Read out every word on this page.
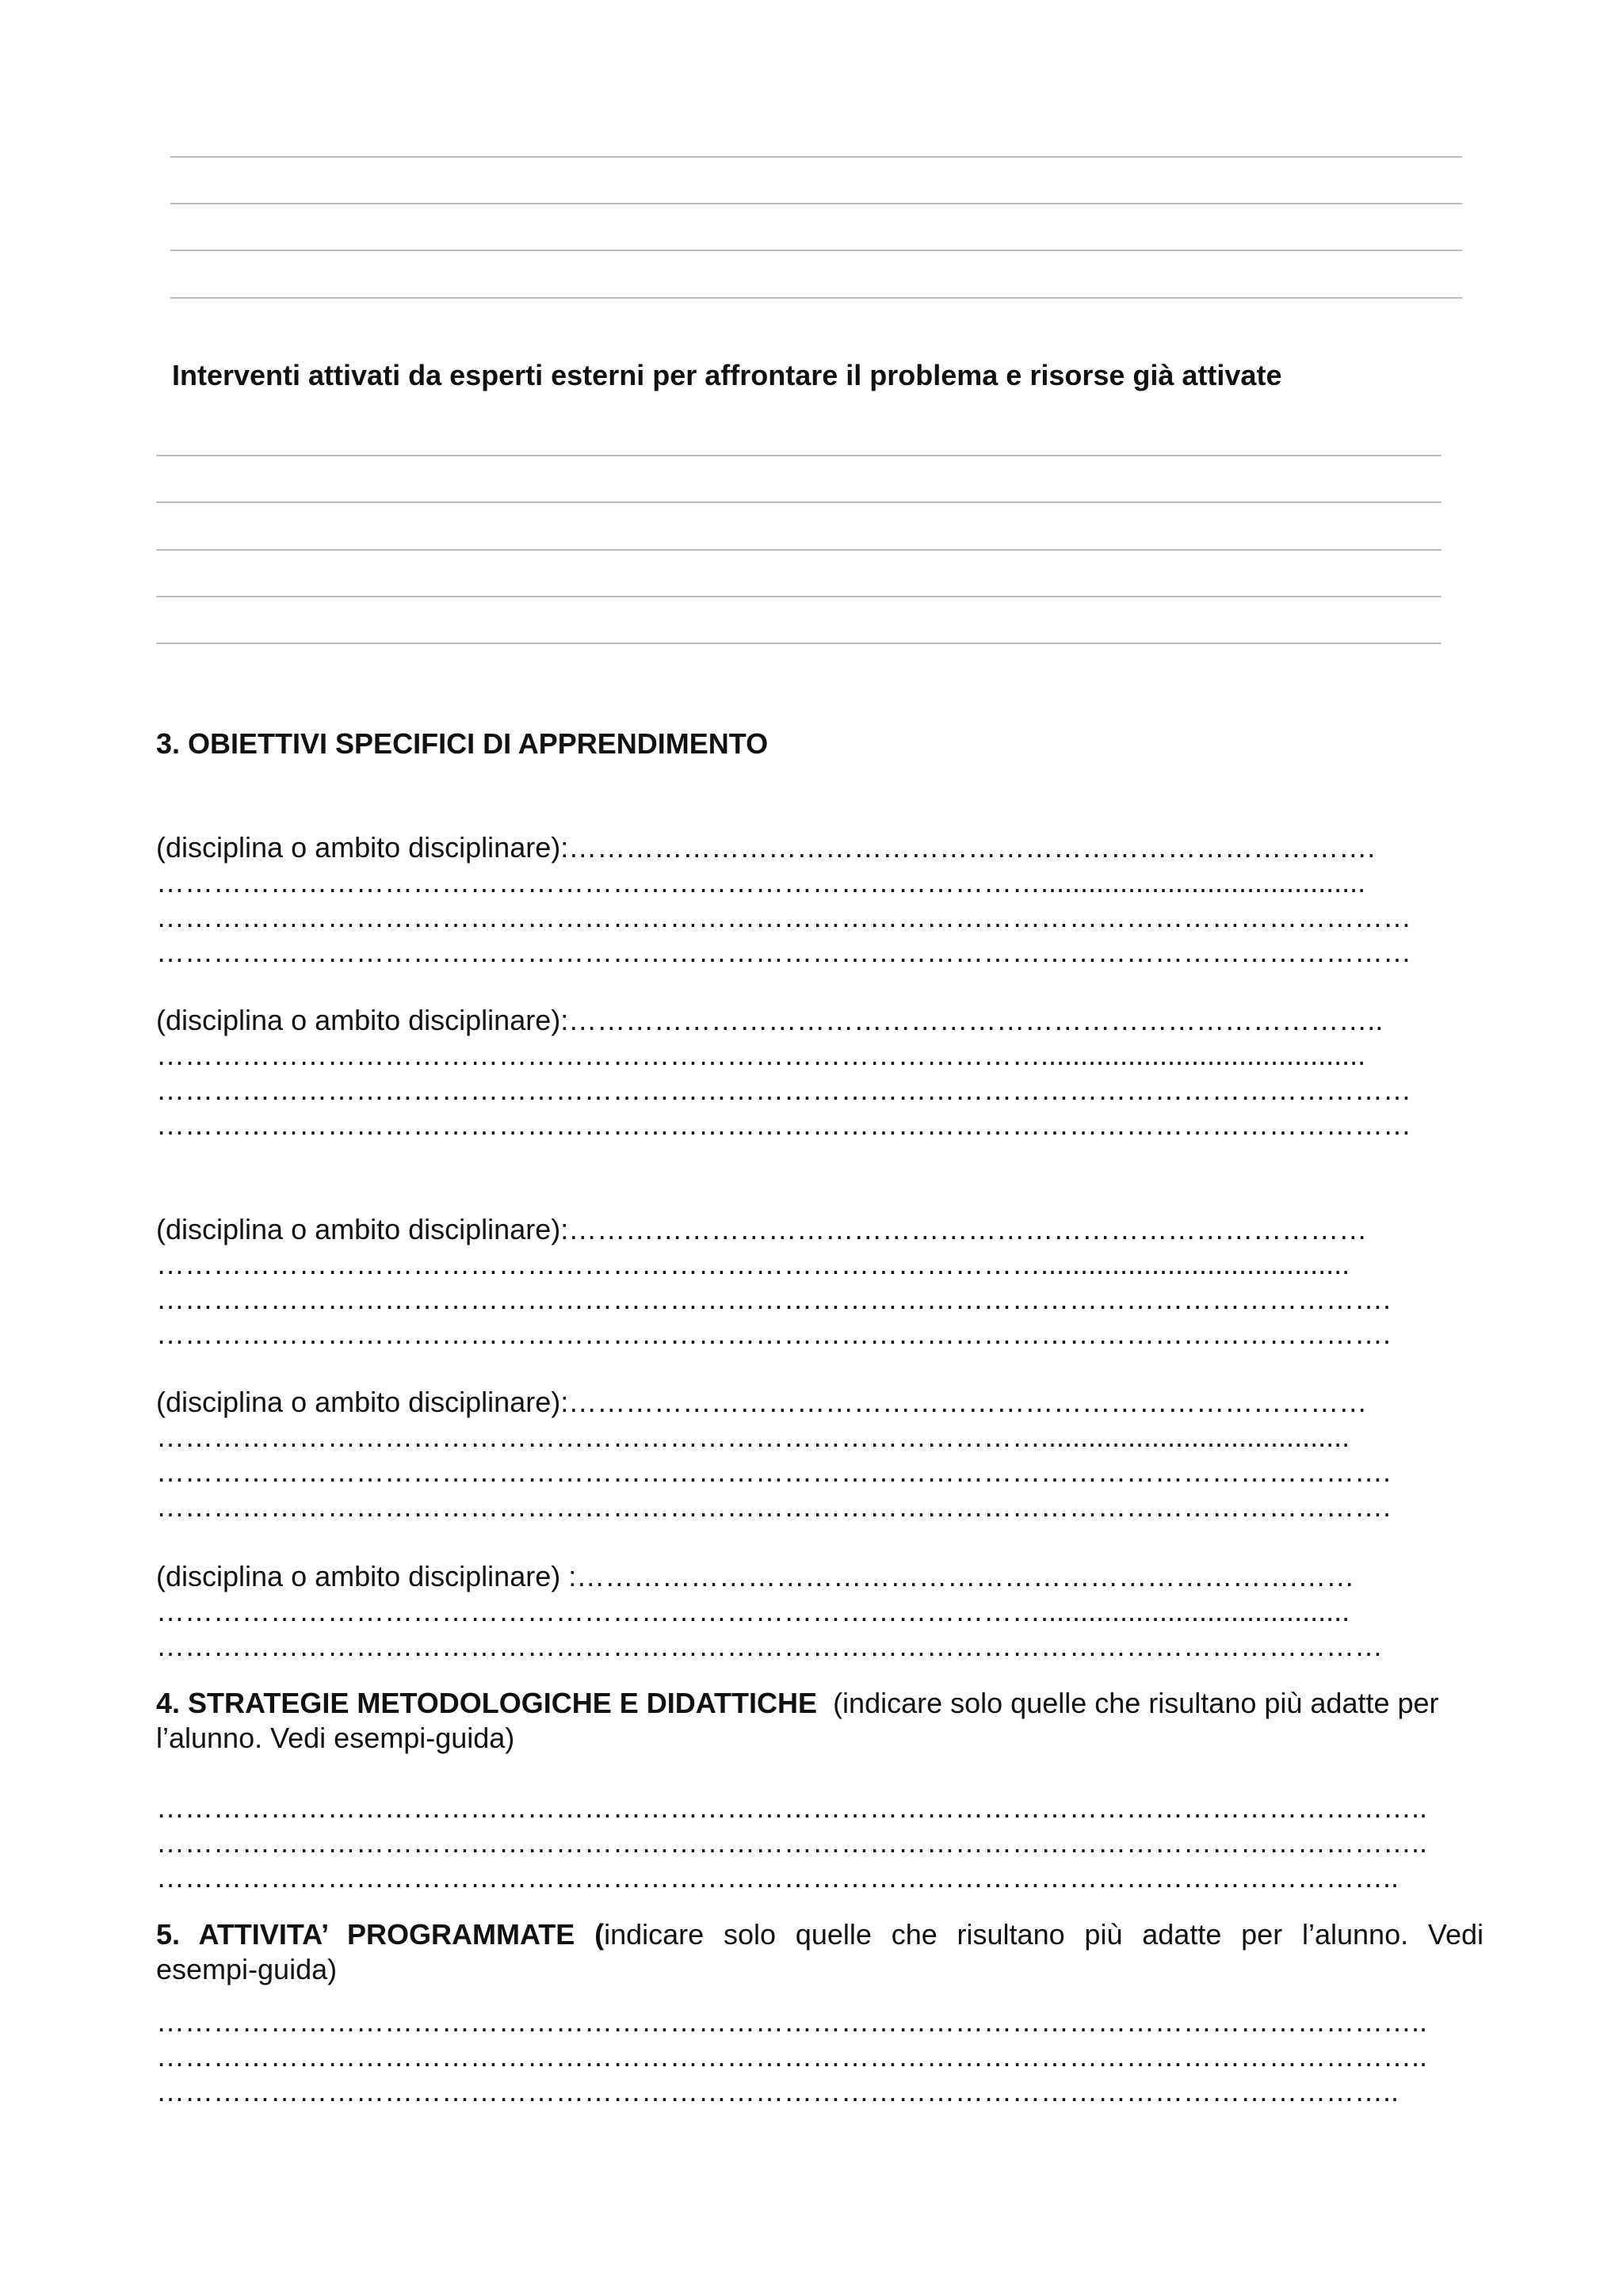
Interventi attivati da esperti esterni per affrontare il problema e risorse già attivate
3. OBIETTIVI SPECIFICI DI APPRENDIMENTO
(disciplina o ambito disciplinare):………………………………………………………………………….
………………………………………………………………………………….........................................
……………………………………………………………………………………………………………………
……………………………………………………………………………………………………………………
(disciplina o ambito disciplinare):…………………………………………………………………………..
………………………………………………………………………………….........................................
……………………………………………………………………………………………………………………
……………………………………………………………………………………………………………………
(disciplina o ambito disciplinare):…………………………………………………………………………
………………………………………………………………………………….......................................
………………………………………………………………………………………………………………….
………………………………………………………………………………………………………………….
(disciplina o ambito disciplinare):…………………………………………………………………………
………………………………………………………………………………….......................................
………………………………………………………………………………………………………………….
………………………………………………………………………………………………………………….
(disciplina o ambito disciplinare) :………………………………………………………………….……
………………………………………………………………………………….......................................
…………………………………………………………………………………………………………………
4. STRATEGIE METODOLOGICHE E DIDATTICHE (indicare solo quelle che risultano più adatte per l’alunno. Vedi esempi-guida)
……………………………………………………………………………………………………………………..
……………………………………………………………………………………………………………………..
…………………………………………………………………………………………………………………..
5. ATTIVITA’ PROGRAMMATE (indicare solo quelle che risultano più adatte per l’alunno. Vedi esempi-guida)
……………………………………………………………………………………………………………………..
……………………………………………………………………………………………………………………..
…………………………………………………………………………………………………………………..
